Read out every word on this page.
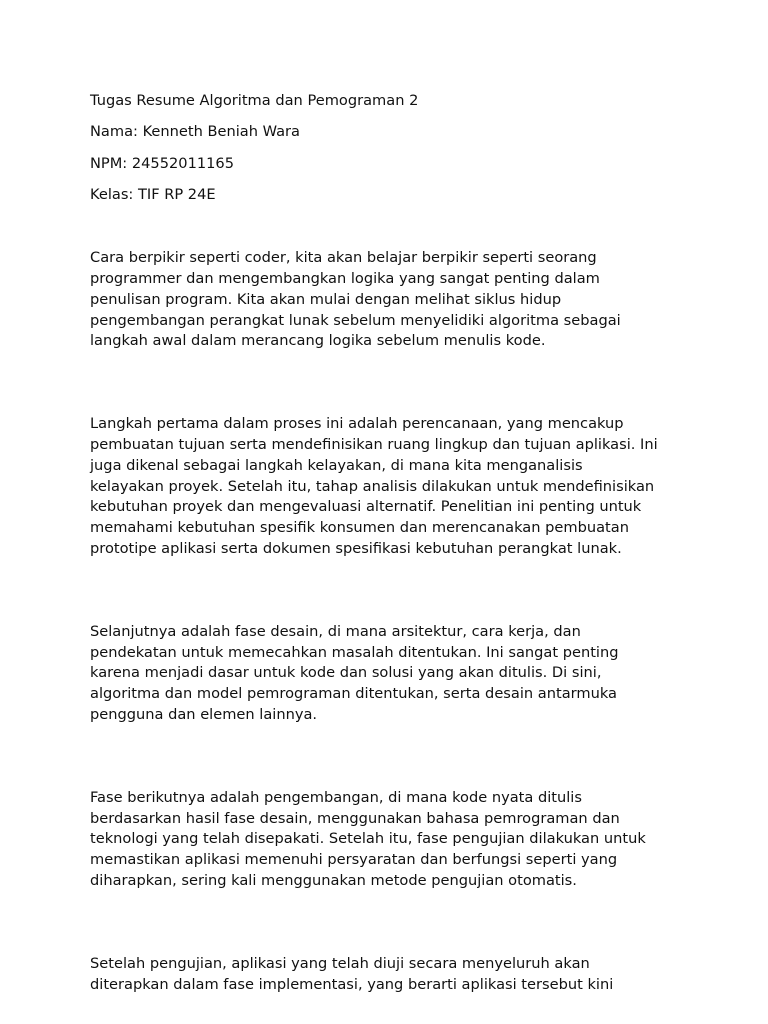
Tugas Resume Algoritma dan Pemograman 2

Nama: Kenneth Beniah Wara

NPM: 24552011165

Kelas: TIF RP 24E

Cara berpikir seperti coder, kita akan belajar berpikir seperti seorang
programmer dan mengembangkan logika yang sangat penting dalam
penulisan program. Kita akan mulai dengan melihat siklus hidup
pengembangan perangkat lunak sebelum menyelidiki algoritma sebagai
langkah awal dalam merancang logika sebelum menulis kode.

Langkah pertama dalam proses ini adalah perencanaan, yang mencakup
pembuatan tujuan serta mendefinisikan ruang lingkup dan tujuan aplikasi. Ini
juga dikenal sebagai langkah kelayakan, di mana kita menganalisis
kelayakan proyek. Setelah itu, tahap analisis dilakukan untuk mendefinisikan
kebutuhan proyek dan mengevaluasi alternatif. Penelitian ini penting untuk
memahami kebutuhan spesifik konsumen dan merencanakan pembuatan
prototipe aplikasi serta dokumen spesifikasi kebutuhan perangkat lunak.

Selanjutnya adalah fase desain, di mana arsitektur, cara kerja, dan
pendekatan untuk memecahkan masalah ditentukan. Ini sangat penting
karena menjadi dasar untuk kode dan solusi yang akan ditulis. Di sini,
algoritma dan model pemrograman ditentukan, serta desain antarmuka
pengguna dan elemen lainnya.

Fase berikutnya adalah pengembangan, di mana kode nyata ditulis
berdasarkan hasil fase desain, menggunakan bahasa pemrograman dan
teknologi yang telah disepakati. Setelah itu, fase pengujian dilakukan untuk
memastikan aplikasi memenuhi persyaratan dan berfungsi seperti yang
diharapkan, sering kali menggunakan metode pengujian otomatis.

Setelah pengujian, aplikasi yang telah diuji secara menyeluruh akan
diterapkan dalam fase implementasi, yang berarti aplikasi tersebut kini
